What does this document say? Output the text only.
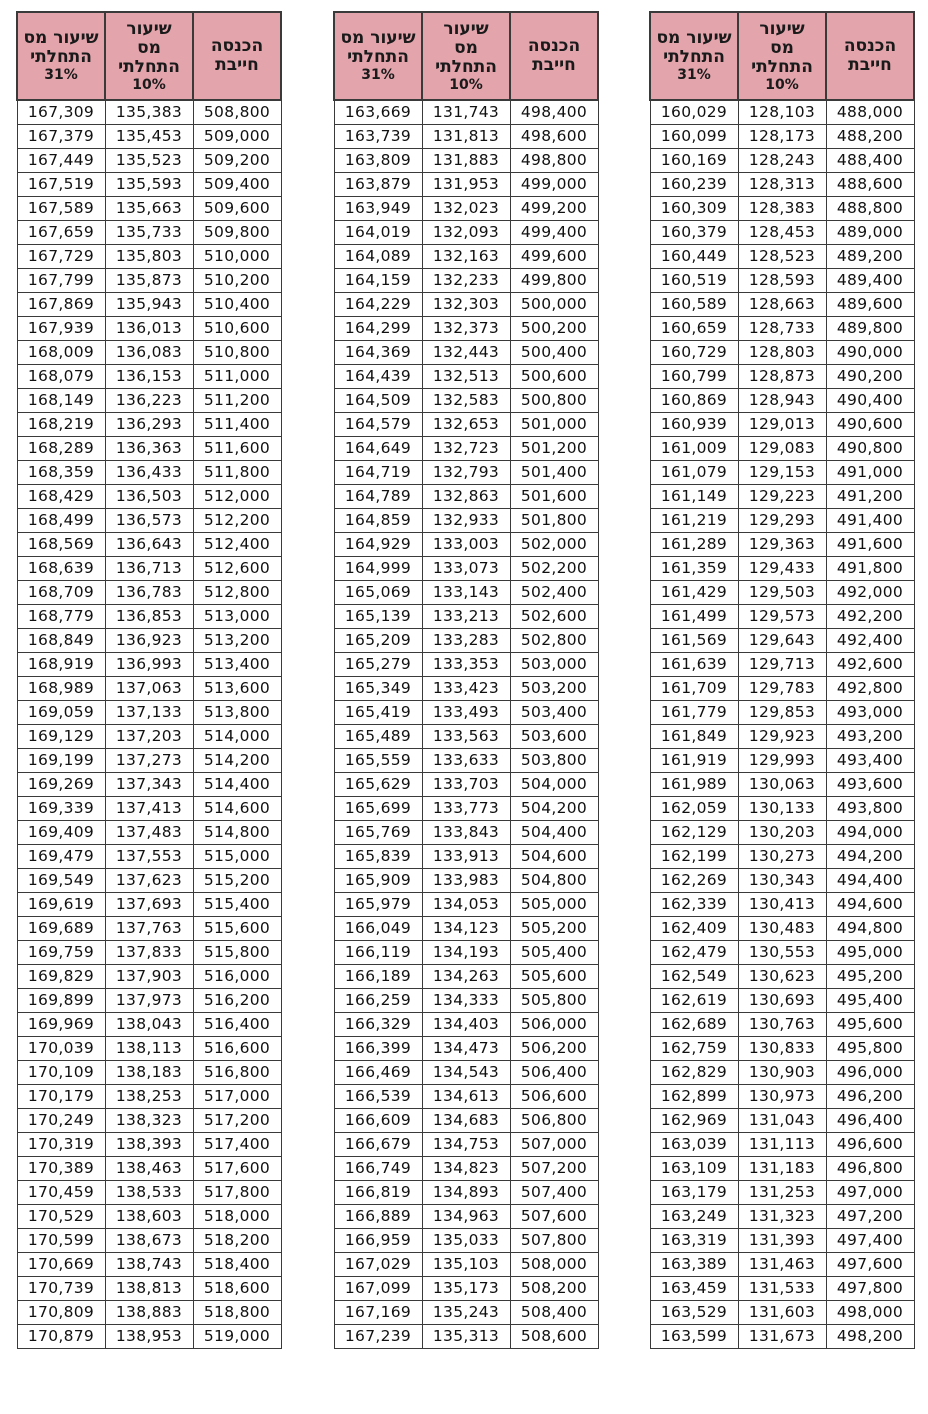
שיעור מס
התחלתי
31%	שיעור
מס
התחלתי
10%	הכנסה
חייבת

167,309	135,383	508,800
167,379	135,453	509,000
167,449	135,523	509,200
167,519	135,593	509,400
167,589	135,663	509,600
167,659	135,733	509,800
167,729	135,803	510,000
167,799	135,873	510,200
167,869	135,943	510,400
167,939	136,013	510,600
168,009	136,083	510,800
168,079	136,153	511,000
168,149	136,223	511,200
168,219	136,293	511,400
168,289	136,363	511,600
168,359	136,433	511,800
168,429	136,503	512,000
168,499	136,573	512,200
168,569	136,643	512,400
168,639	136,713	512,600
168,709	136,783	512,800
168,779	136,853	513,000
168,849	136,923	513,200
168,919	136,993	513,400
168,989	137,063	513,600
169,059	137,133	513,800
169,129	137,203	514,000
169,199	137,273	514,200
169,269	137,343	514,400
169,339	137,413	514,600
169,409	137,483	514,800
169,479	137,553	515,000
169,549	137,623	515,200
169,619	137,693	515,400
169,689	137,763	515,600
169,759	137,833	515,800
169,829	137,903	516,000
169,899	137,973	516,200
169,969	138,043	516,400
170,039	138,113	516,600
170,109	138,183	516,800
170,179	138,253	517,000
170,249	138,323	517,200
170,319	138,393	517,400
170,389	138,463	517,600
170,459	138,533	517,800
170,529	138,603	518,000
170,599	138,673	518,200
170,669	138,743	518,400
170,739	138,813	518,600
170,809	138,883	518,800
170,879	138,953	519,000
שיעור מס
התחלתי
31%	שיעור
מס
התחלתי
10%	הכנסה
חייבת

163,669	131,743	498,400
163,739	131,813	498,600
163,809	131,883	498,800
163,879	131,953	499,000
163,949	132,023	499,200
164,019	132,093	499,400
164,089	132,163	499,600
164,159	132,233	499,800
164,229	132,303	500,000
164,299	132,373	500,200
164,369	132,443	500,400
164,439	132,513	500,600
164,509	132,583	500,800
164,579	132,653	501,000
164,649	132,723	501,200
164,719	132,793	501,400
164,789	132,863	501,600
164,859	132,933	501,800
164,929	133,003	502,000
164,999	133,073	502,200
165,069	133,143	502,400
165,139	133,213	502,600
165,209	133,283	502,800
165,279	133,353	503,000
165,349	133,423	503,200
165,419	133,493	503,400
165,489	133,563	503,600
165,559	133,633	503,800
165,629	133,703	504,000
165,699	133,773	504,200
165,769	133,843	504,400
165,839	133,913	504,600
165,909	133,983	504,800
165,979	134,053	505,000
166,049	134,123	505,200
166,119	134,193	505,400
166,189	134,263	505,600
166,259	134,333	505,800
166,329	134,403	506,000
166,399	134,473	506,200
166,469	134,543	506,400
166,539	134,613	506,600
166,609	134,683	506,800
166,679	134,753	507,000
166,749	134,823	507,200
166,819	134,893	507,400
166,889	134,963	507,600
166,959	135,033	507,800
167,029	135,103	508,000
167,099	135,173	508,200
167,169	135,243	508,400
167,239	135,313	508,600
שיעור מס
התחלתי
31%	שיעור
מס
התחלתי
10%	הכנסה
חייבת

160,029	128,103	488,000
160,099	128,173	488,200
160,169	128,243	488,400
160,239	128,313	488,600
160,309	128,383	488,800
160,379	128,453	489,000
160,449	128,523	489,200
160,519	128,593	489,400
160,589	128,663	489,600
160,659	128,733	489,800
160,729	128,803	490,000
160,799	128,873	490,200
160,869	128,943	490,400
160,939	129,013	490,600
161,009	129,083	490,800
161,079	129,153	491,000
161,149	129,223	491,200
161,219	129,293	491,400
161,289	129,363	491,600
161,359	129,433	491,800
161,429	129,503	492,000
161,499	129,573	492,200
161,569	129,643	492,400
161,639	129,713	492,600
161,709	129,783	492,800
161,779	129,853	493,000
161,849	129,923	493,200
161,919	129,993	493,400
161,989	130,063	493,600
162,059	130,133	493,800
162,129	130,203	494,000
162,199	130,273	494,200
162,269	130,343	494,400
162,339	130,413	494,600
162,409	130,483	494,800
162,479	130,553	495,000
162,549	130,623	495,200
162,619	130,693	495,400
162,689	130,763	495,600
162,759	130,833	495,800
162,829	130,903	496,000
162,899	130,973	496,200
162,969	131,043	496,400
163,039	131,113	496,600
163,109	131,183	496,800
163,179	131,253	497,000
163,249	131,323	497,200
163,319	131,393	497,400
163,389	131,463	497,600
163,459	131,533	497,800
163,529	131,603	498,000
163,599	131,673	498,200
